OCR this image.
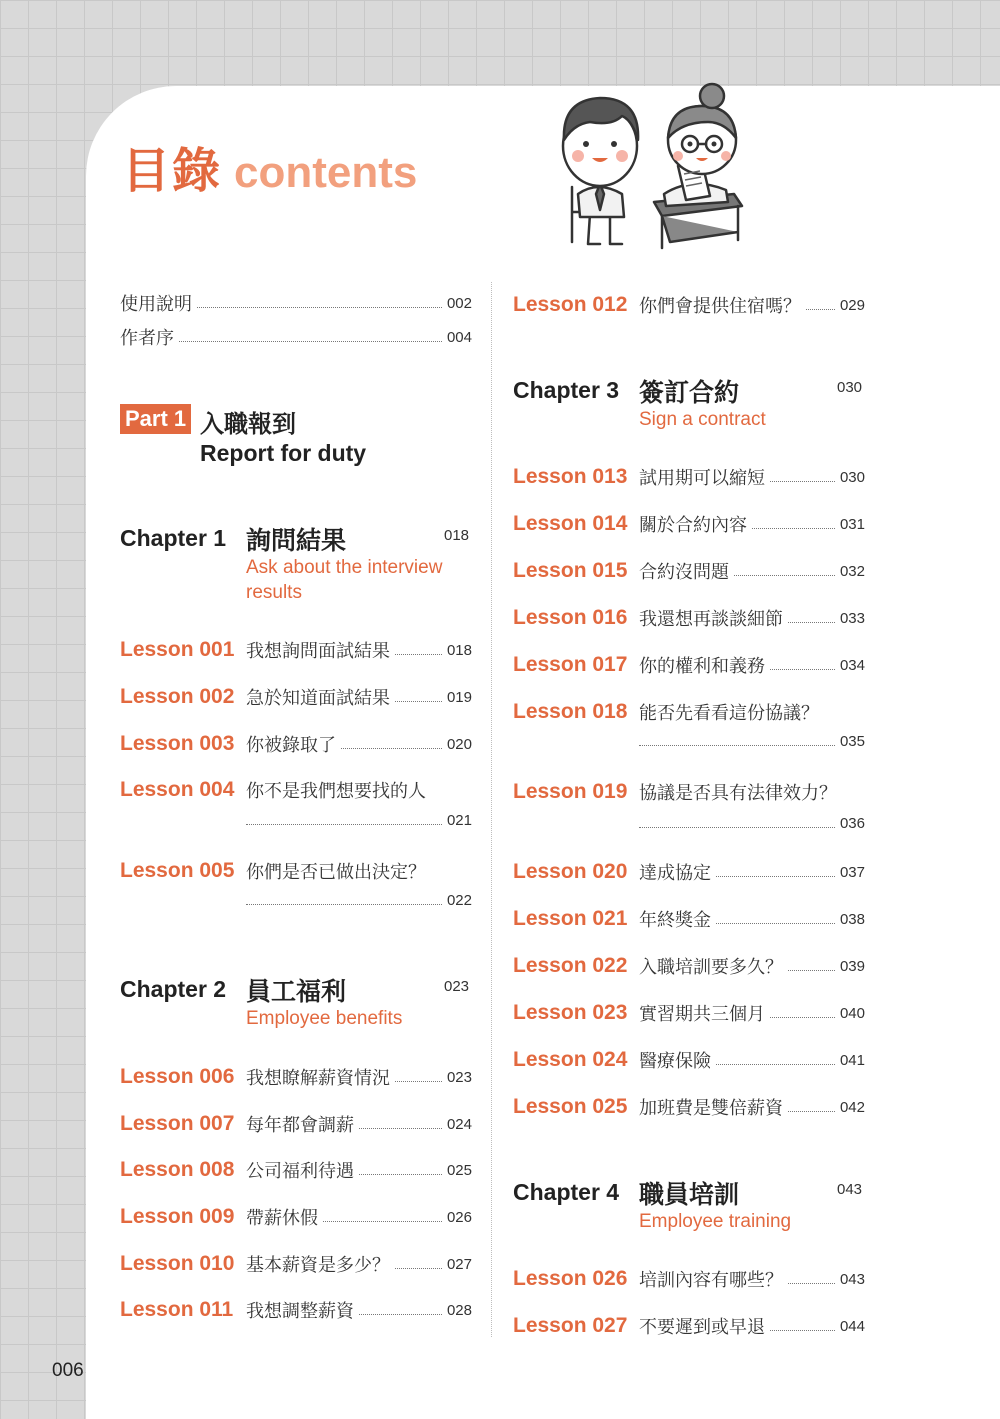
目錄 contents
使用說明	002
作者序	004
Part 1 入職報到
Report for duty
Chapter 1 詢問結果	018
Ask about the interview results
Lesson 001 我想詢問面試結果	018
Lesson 002 急於知道面試結果	019
Lesson 003 你被錄取了	020
Lesson 004 你不是我們想要找的人
021
Lesson 005 你們是否已做出決定？
022
Chapter 2 員工福利	023
Employee benefits
Lesson 006 我想瞭解薪資情況	023
Lesson 007 每年都會調薪	024
Lesson 008 公司福利待遇	025
Lesson 009 帶薪休假	026
Lesson 010 基本薪資是多少？	027
Lesson 011 我想調整薪資	028
Lesson 012 你們會提供住宿嗎？	029
Chapter 3 簽訂合約	030
Sign a contract
Lesson 013 試用期可以縮短	030
Lesson 014 關於合約內容	031
Lesson 015 合約沒問題	032
Lesson 016 我還想再談談細節	033
Lesson 017 你的權利和義務	034
Lesson 018 能否先看看這份協議？
035
Lesson 019 協議是否具有法律效力？
036
Lesson 020 達成協定	037
Lesson 021 年終獎金	038
Lesson 022 入職培訓要多久？	039
Lesson 023 實習期共三個月	040
Lesson 024 醫療保險	041
Lesson 025 加班費是雙倍薪資	042
Chapter 4 職員培訓	043
Employee training
Lesson 026 培訓內容有哪些？	043
Lesson 027 不要遲到或早退	044
006
